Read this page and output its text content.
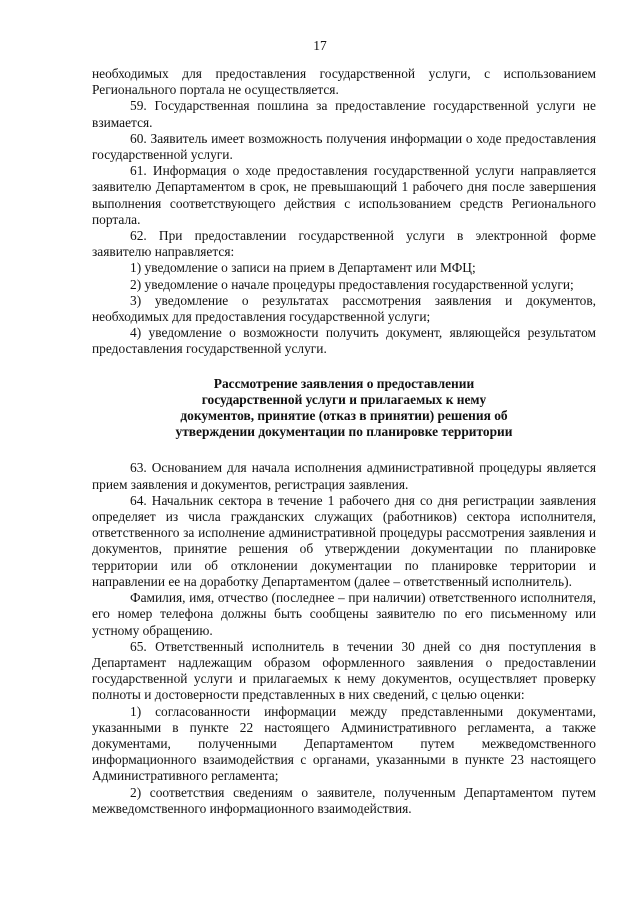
17

необходимых для предоставления государственной услуги, с использованием Регионального портала не осуществляется.

59. Государственная пошлина за предоставление государственной услуги не взимается.

60. Заявитель имеет возможность получения информации о ходе предоставления государственной услуги.

61. Информация о ходе предоставления государственной услуги направляется заявителю Департаментом в срок, не превышающий 1 рабочего дня после завершения выполнения соответствующего действия с использованием средств Регионального портала.

62. При предоставлении государственной услуги в электронной форме заявителю направляется:

1) уведомление о записи на прием в Департамент или МФЦ;

2) уведомление о начале процедуры предоставления государственной услуги;

3) уведомление о результатах рассмотрения заявления и документов, необходимых для предоставления государственной услуги;

4) уведомление о возможности получить документ, являющейся результатом предоставления государственной услуги.

Рассмотрение заявления о предоставлении
государственной услуги и прилагаемых к нему
документов, принятие (отказ в принятии) решения об
утверждении документации по планировке территории

63. Основанием для начала исполнения административной процедуры является прием заявления и документов, регистрация заявления.

64. Начальник сектора в течение 1 рабочего дня со дня регистрации заявления определяет из числа гражданских служащих (работников) сектора исполнителя, ответственного за исполнение административной процедуры рассмотрения заявления и документов, принятие решения об утверждении документации по планировке территории или об отклонении документации по планировке территории и направлении ее на доработку Департаментом (далее – ответственный исполнитель).

Фамилия, имя, отчество (последнее – при наличии) ответственного исполнителя, его номер телефона должны быть сообщены заявителю по его письменному или устному обращению.

65. Ответственный исполнитель в течении 30 дней со дня поступления в Департамент надлежащим образом оформленного заявления о предоставлении государственной услуги и прилагаемых к нему документов, осуществляет проверку полноты и достоверности представленных в них сведений, с целью оценки:

1) согласованности информации между представленными документами, указанными в пункте 22 настоящего Административного регламента, а также документами, полученными Департаментом путем межведомственного информационного взаимодействия с органами, указанными в пункте 23 настоящего Административного регламента;

2) соответствия сведениям о заявителе, полученным Департаментом путем межведомственного информационного взаимодействия.
